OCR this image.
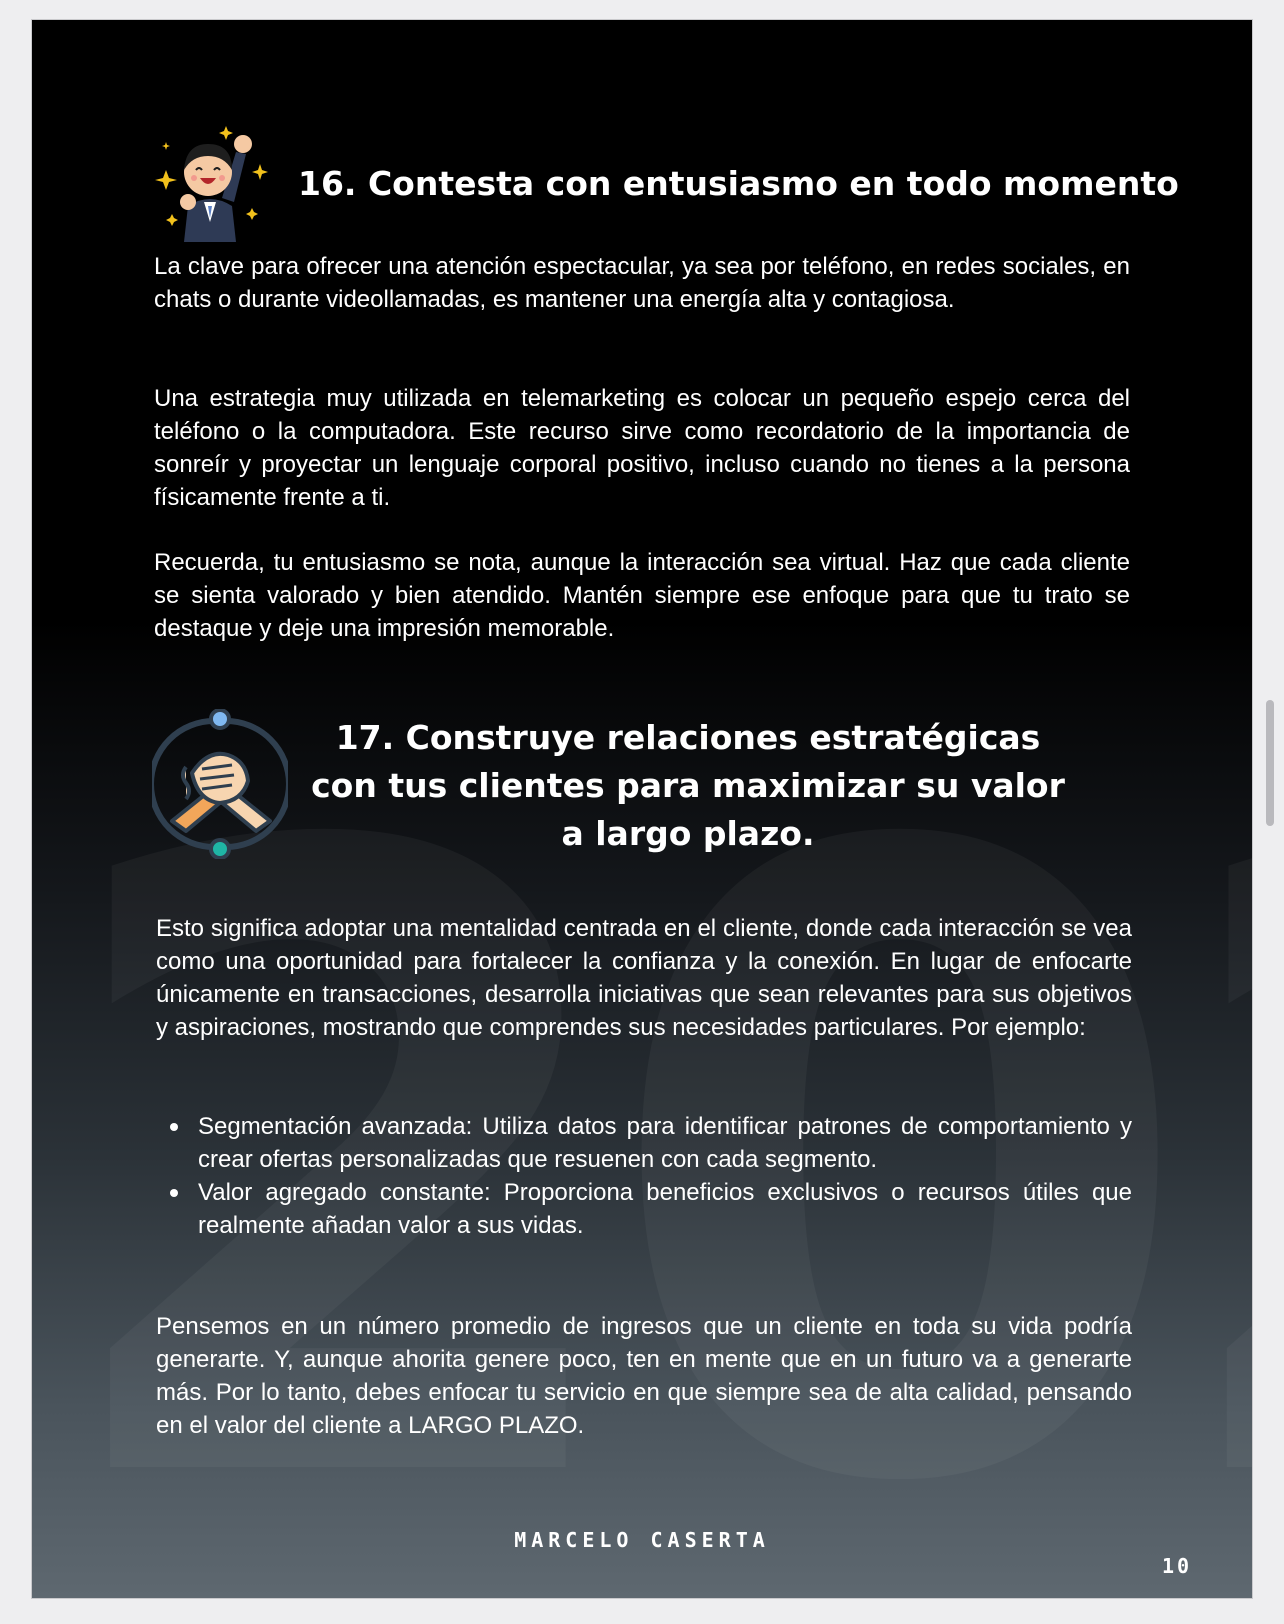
16. Contesta con entusiasmo en todo momento

La clave para ofrecer una atención espectacular, ya sea por teléfono, en redes sociales, en chats o durante videollamadas, es mantener una energía alta y contagiosa.

Una estrategia muy utilizada en telemarketing es colocar un pequeño espejo cerca del teléfono o la computadora. Este recurso sirve como recordatorio de la importancia de sonreír y proyectar un lenguaje corporal positivo, incluso cuando no tienes a la persona físicamente frente a ti.

Recuerda, tu entusiasmo se nota, aunque la interacción sea virtual. Haz que cada cliente se sienta valorado y bien atendido. Mantén siempre ese enfoque para que tu trato se destaque y deje una impresión memorable.

17. Construye relaciones estratégicas con tus clientes para maximizar su valor a largo plazo.

Esto significa adoptar una mentalidad centrada en el cliente, donde cada interacción se vea como una oportunidad para fortalecer la confianza y la conexión. En lugar de enfocarte únicamente en transacciones, desarrolla iniciativas que sean relevantes para sus objetivos y aspiraciones, mostrando que comprendes sus necesidades particulares. Por ejemplo:

Segmentación avanzada: Utiliza datos para identificar patrones de comportamiento y crear ofertas personalizadas que resuenen con cada segmento.
Valor agregado constante: Proporciona beneficios exclusivos o recursos útiles que realmente añadan valor a sus vidas.

Pensemos en un número promedio de ingresos que un cliente en toda su vida podría generarte. Y, aunque ahorita genere poco, ten en mente que en un futuro va a generarte más. Por lo tanto, debes enfocar tu servicio en que siempre sea de alta calidad, pensando en el valor del cliente a LARGO PLAZO.

MARCELO CASERTA
10
